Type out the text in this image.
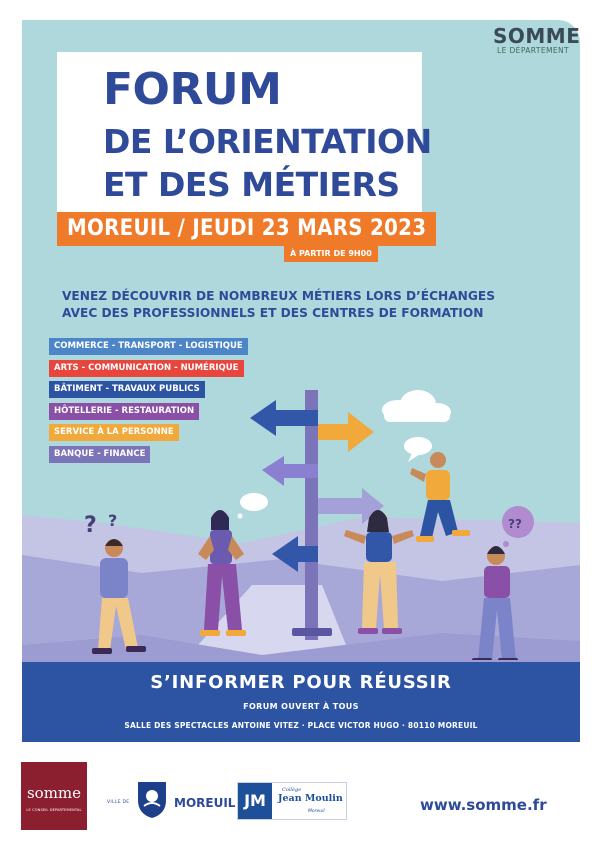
? ?	??
FORUM
DE L’ORIENTATION
ET DES MÉTIERS
MOREUIL / JEUDI 23 MARS 2023
À PARTIR DE 9H00
VENEZ DÉCOUVRIR DE NOMBREUX MÉTIERS LORS D’ÉCHANGES
AVEC DES PROFESSIONNELS ET DES CENTRES DE FORMATION
COMMERCE - TRANSPORT - LOGISTIQUE
ARTS - COMMUNICATION - NUMÉRIQUE
BÂTIMENT - TRAVAUX PUBLICS
HÔTELLERIE - RESTAURATION
SERVICE À LA PERSONNE
BANQUE - FINANCE
S’INFORMER POUR RÉUSSIR
FORUM OUVERT À TOUS
SALLE DES SPECTACLES ANTOINE VITEZ · PLACE VICTOR HUGO · 80110 MOREUIL
SOMME
LE DÉPARTEMENT
somme
LE CONSEIL DÉPARTEMENTAL
VILLE DE	MOREUIL JM
Collège
Jean Moulin
Moreuil	www.somme.fr
